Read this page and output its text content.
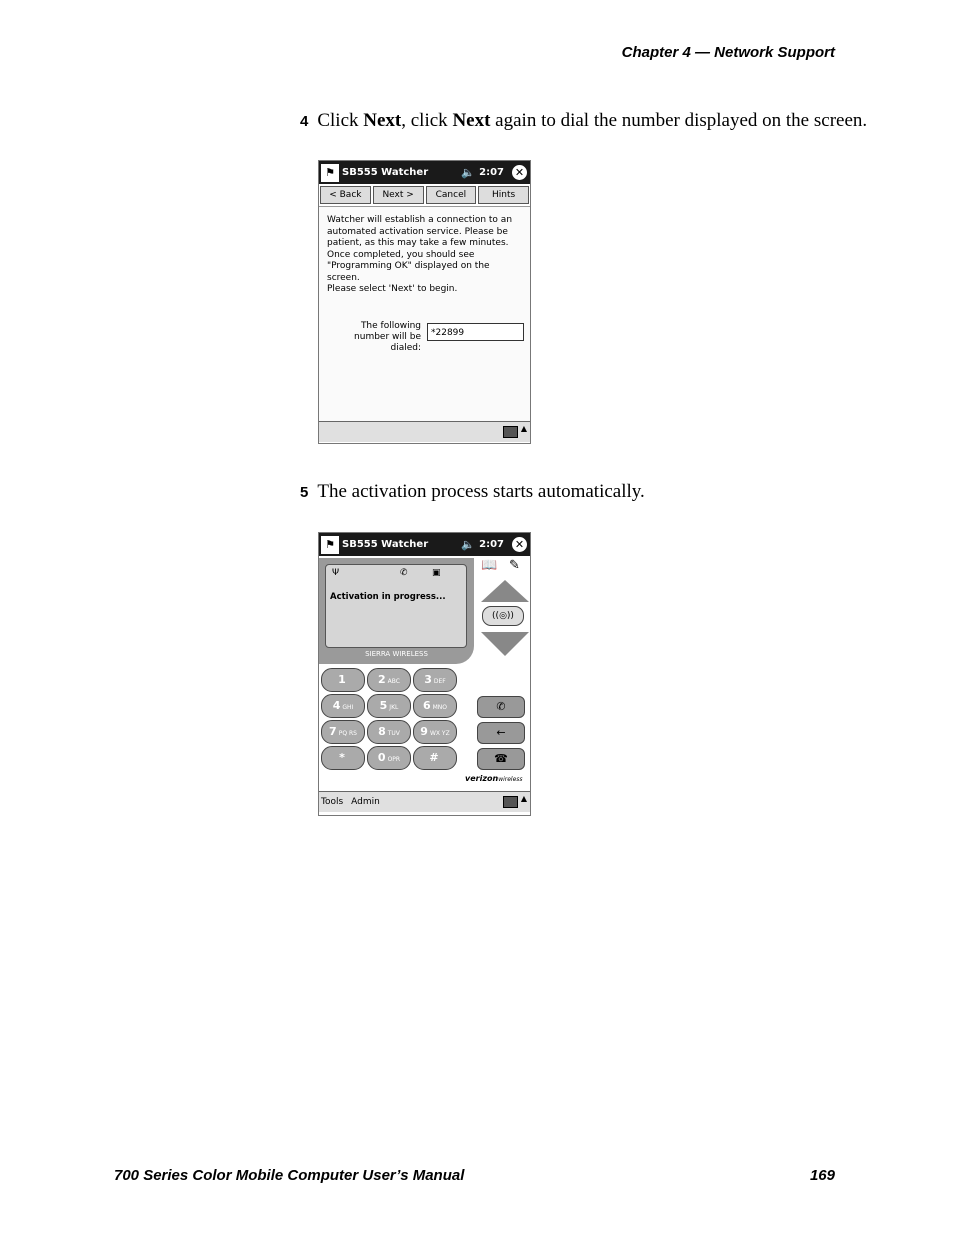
Chapter 4 — Network Support
4 Click Next, click Next again to dial the number displayed on the screen.
⚑ SB555 Watcher	🔈 2:07 ✕
< Back	Next >	Cancel	Hints
Watcher will establish a connection to an automated activation service. Please be patient, as this may take a few minutes. Once completed, you should see "Programming OK" displayed on the screen.
Please select 'Next' to begin.
The following number will be dialed:
*22899
▲
5 The activation process starts automatically.
⚑ SB555 Watcher	🔈 2:07 ✕
Ψ	✆	▣
Activation in progress...
SIERRA WIRELESS
📖 ✎
((◎))
1	2 ABC	3 DEF
4 GHI	5 JKL	6 MNO
7 PQ RS	8 TUV	9 WX YZ
*	0 OPR	#
✆
←
☎
verizonwireless
Tools Admin	▲
700 Series Color Mobile Computer User’s Manual	169
